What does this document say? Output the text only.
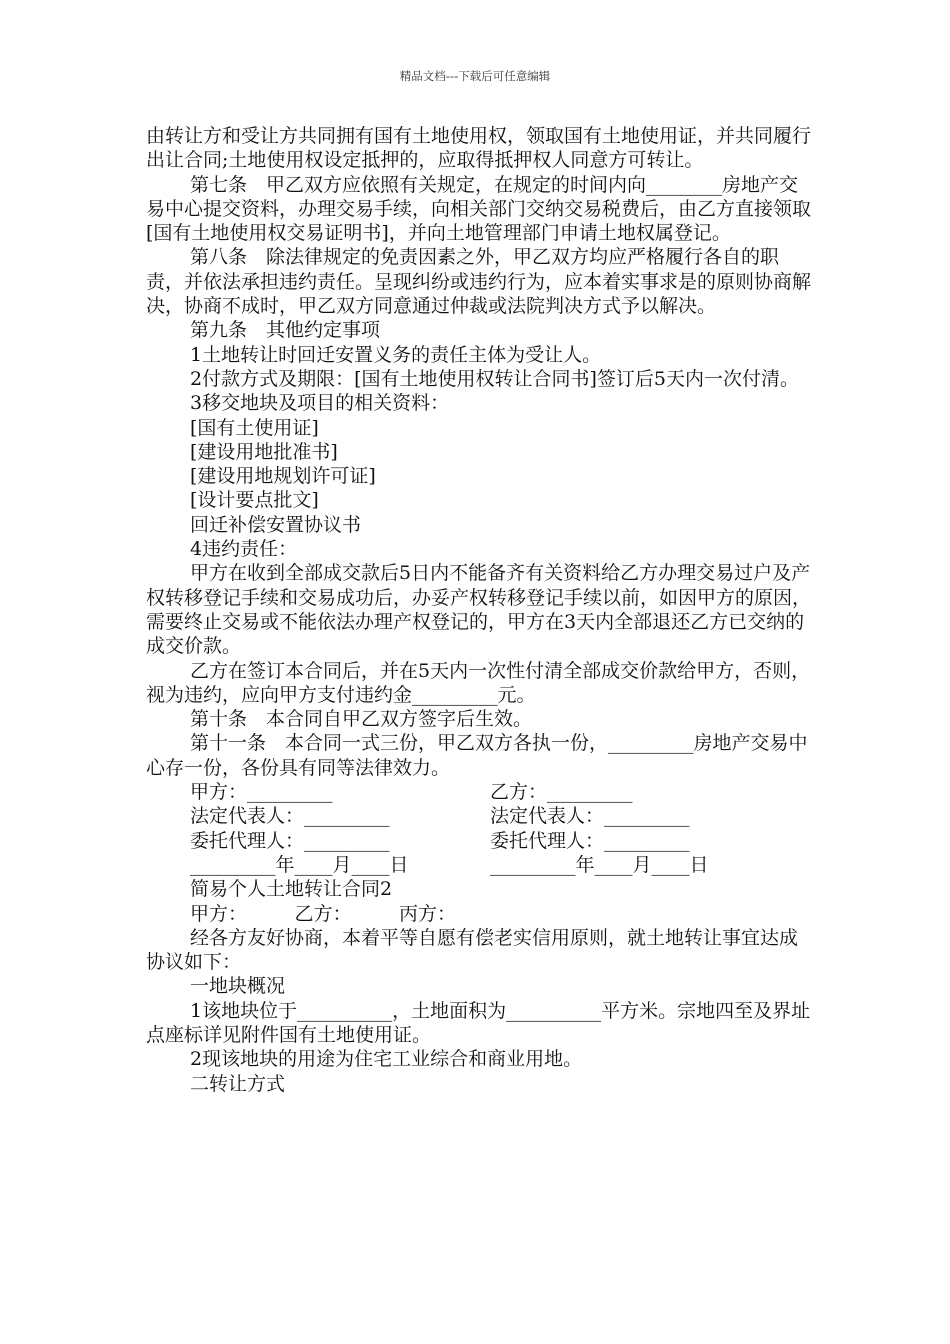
精品文档---下载后可任意编辑

由转让方和受让方共同拥有国有土地使用权，领取国有土地使用证，并共同履行出让合同;土地使用权设定抵押的，应取得抵押权人同意方可转让。

第七条　甲乙双方应依照有关规定，在规定的时间内向________房地产交易中心提交资料，办理交易手续，向相关部门交纳交易税费后，由乙方直接领取[国有土地使用权交易证明书]，并向土地管理部门申请土地权属登记。

第八条　除法律规定的免责因素之外，甲乙双方均应严格履行各自的职责，并依法承担违约责任。呈现纠纷或违约行为，应本着实事求是的原则协商解决，协商不成时，甲乙双方同意通过仲裁或法院判决方式予以解决。

第九条　其他约定事项

1土地转让时回迁安置义务的责任主体为受让人。

2付款方式及期限：[国有土地使用权转让合同书]签订后5天内一次付清。

3移交地块及项目的相关资料：

[国有土使用证]

[建设用地批准书]

[建设用地规划许可证]

[设计要点批文]

回迁补偿安置协议书

4违约责任：

甲方在收到全部成交款后5日内不能备齐有关资料给乙方办理交易过户及产权转移登记手续和交易成功后，办妥产权转移登记手续以前，如因甲方的原因，需要终止交易或不能依法办理产权登记的，甲方在3天内全部退还乙方已交纳的成交价款。

乙方在签订本合同后，并在5天内一次性付清全部成交价款给甲方，否则，视为违约，应向甲方支付违约金_________元。

第十条　本合同自甲乙双方签字后生效。

第十一条　本合同一式三份，甲乙双方各执一份，_________房地产交易中心存一份，各份具有同等法律效力。

甲方：_________	乙方：_________
法定代表人：_________	法定代表人：_________
委托代理人：_________	委托代理人：_________
_________年____月____日	_________年____月____日

简易个人土地转让合同2

甲方：　　　乙方：　　　丙方：

经各方友好协商，本着平等自愿有偿老实信用原则，就土地转让事宜达成协议如下：

一地块概况

1该地块位于__________，土地面积为__________平方米。宗地四至及界址点座标详见附件国有土地使用证。

2现该地块的用途为住宅工业综合和商业用地。

二转让方式
